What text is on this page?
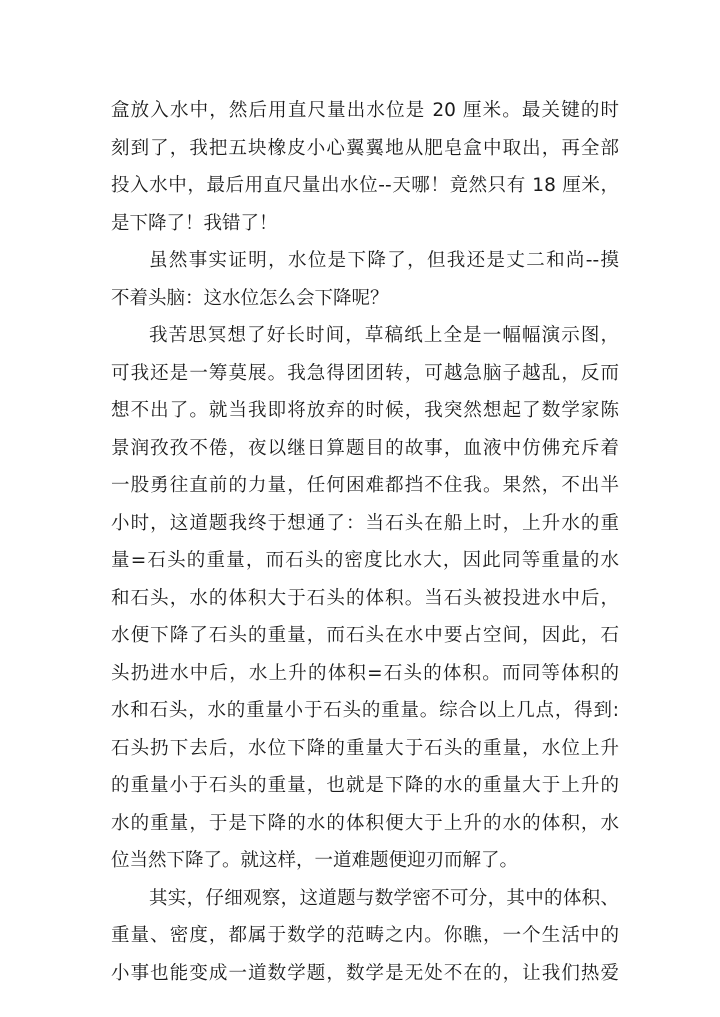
盒放入水中，然后用直尺量出水位是 20 厘米。最关键的时
刻到了，我把五块橡皮小心翼翼地从肥皂盒中取出，再全部
投入水中，最后用直尺量出水位--天哪！竟然只有 18 厘米，
是下降了！我错了！
虽然事实证明，水位是下降了，但我还是丈二和尚--摸
不着头脑：这水位怎么会下降呢？
我苦思冥想了好长时间，草稿纸上全是一幅幅演示图，
可我还是一筹莫展。我急得团团转，可越急脑子越乱，反而
想不出了。就当我即将放弃的时候，我突然想起了数学家陈
景润孜孜不倦，夜以继日算题目的故事，血液中仿佛充斥着
一股勇往直前的力量，任何困难都挡不住我。果然，不出半
小时，这道题我终于想通了：当石头在船上时，上升水的重
量=石头的重量，而石头的密度比水大，因此同等重量的水
和石头，水的体积大于石头的体积。当石头被投进水中后，
水便下降了石头的重量，而石头在水中要占空间，因此，石
头扔进水中后，水上升的体积=石头的体积。而同等体积的
水和石头，水的重量小于石头的重量。综合以上几点，得到:
石头扔下去后，水位下降的重量大于石头的重量，水位上升
的重量小于石头的重量，也就是下降的水的重量大于上升的
水的重量，于是下降的水的体积便大于上升的水的体积，水
位当然下降了。就这样，一道难题便迎刃而解了。
其实，仔细观察，这道题与数学密不可分，其中的体积、
重量、密度，都属于数学的范畴之内。你瞧，一个生活中的
小事也能变成一道数学题，数学是无处不在的，让我们热爱
